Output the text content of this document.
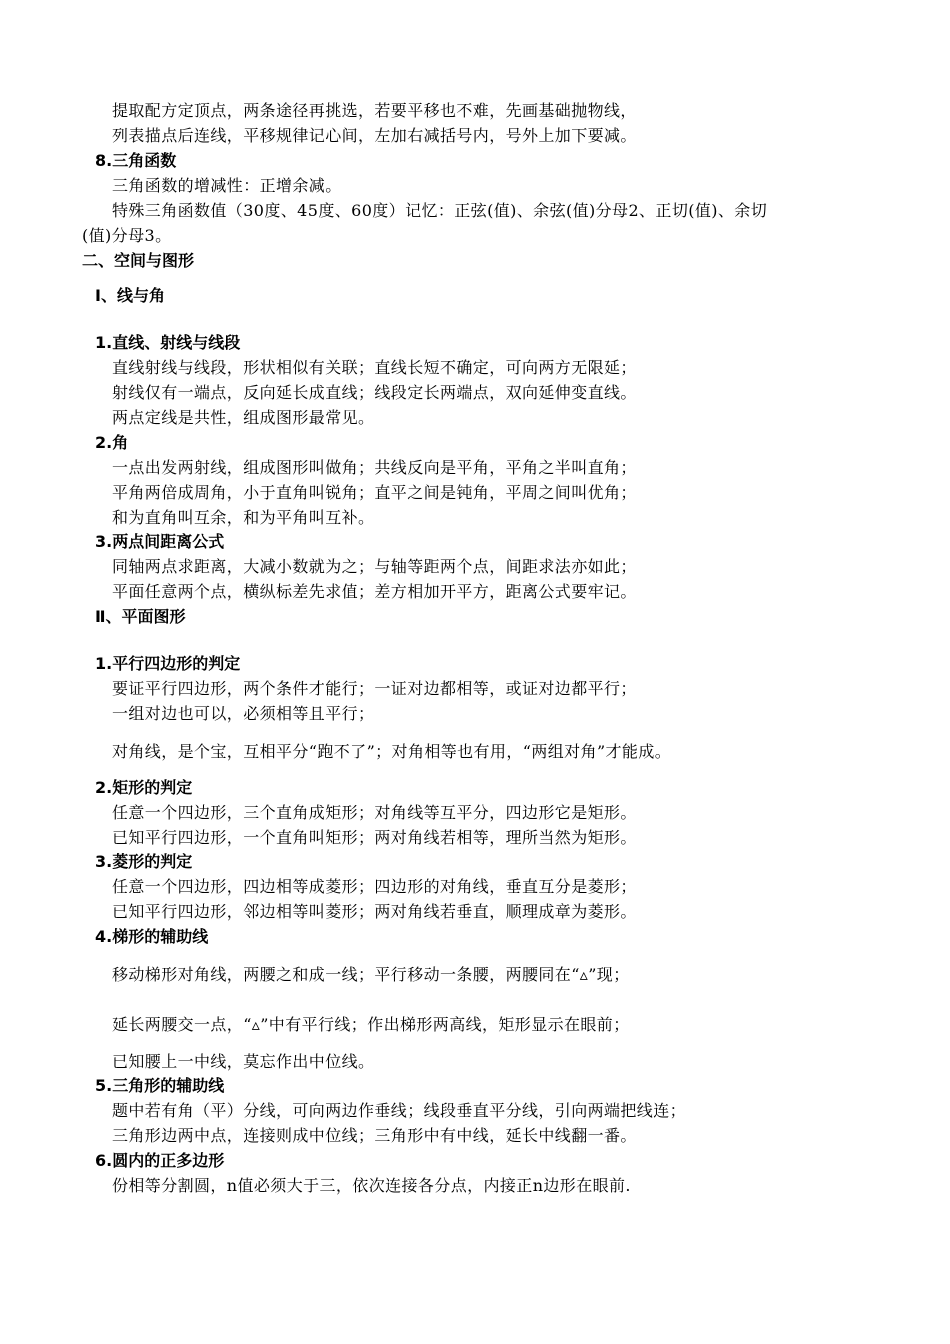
提取配方定顶点，两条途径再挑选，若要平移也不难，先画基础抛物线，
列表描点后连线，平移规律记心间，左加右减括号内，号外上加下要减。
8.三角函数
三角函数的增减性：正增余减。
特殊三角函数值（30度、45度、60度）记忆：正弦(值)、余弦(值)分母2、正切(值)、余切
(值)分母3。
二、空间与图形
Ⅰ、线与角
1.直线、射线与线段
直线射线与线段，形状相似有关联；直线长短不确定，可向两方无限延；
射线仅有一端点，反向延长成直线；线段定长两端点，双向延伸变直线。
两点定线是共性，组成图形最常见。
2.角
一点出发两射线，组成图形叫做角；共线反向是平角，平角之半叫直角；
平角两倍成周角，小于直角叫锐角；直平之间是钝角，平周之间叫优角；
和为直角叫互余，和为平角叫互补。
3.两点间距离公式
同轴两点求距离，大减小数就为之；与轴等距两个点，间距求法亦如此；
平面任意两个点，横纵标差先求值；差方相加开平方，距离公式要牢记。
Ⅱ、平面图形
1.平行四边形的判定
要证平行四边形，两个条件才能行；一证对边都相等，或证对边都平行；
一组对边也可以，必须相等且平行；
对角线，是个宝，互相平分“跑不了”；对角相等也有用，“两组对角”才能成。
2.矩形的判定
任意一个四边形，三个直角成矩形；对角线等互平分，四边形它是矩形。
已知平行四边形，一个直角叫矩形；两对角线若相等，理所当然为矩形。
3.菱形的判定
任意一个四边形，四边相等成菱形；四边形的对角线，垂直互分是菱形；
已知平行四边形，邻边相等叫菱形；两对角线若垂直，顺理成章为菱形。
4.梯形的辅助线
移动梯形对角线，两腰之和成一线；平行移动一条腰，两腰同在“▵”现；
延长两腰交一点，“▵”中有平行线；作出梯形两高线，矩形显示在眼前；
已知腰上一中线，莫忘作出中位线。
5.三角形的辅助线
题中若有角（平）分线，可向两边作垂线；线段垂直平分线，引向两端把线连；
三角形边两中点，连接则成中位线；三角形中有中线，延长中线翻一番。
6.圆内的正多边形
份相等分割圆，n值必须大于三，依次连接各分点，内接正n边形在眼前.
